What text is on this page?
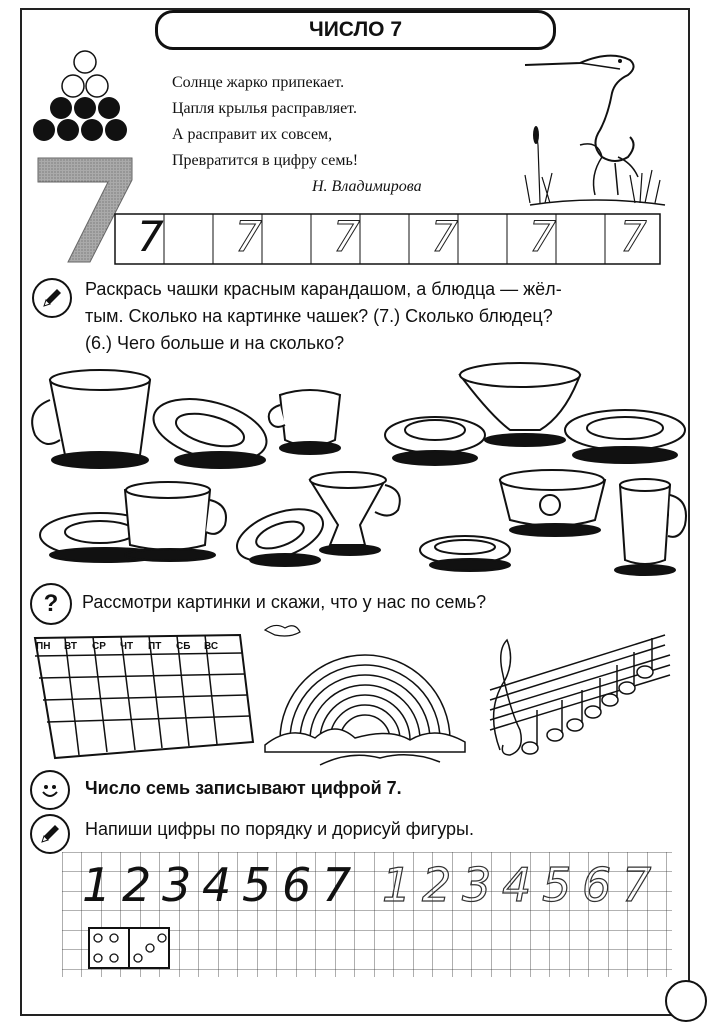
ЧИСЛО 7
Солнце жарко припекает.
Цапля крылья расправляет.
А расправит их совсем,
Превратится в цифру семь!
Н. Владимирова
7 7 7 7 7 7
Раскрась чашки красным карандашом, а блюдца — жёл-
тым. Сколько на картинке чашек? (7.) Сколько блюдец?
(6.) Чего больше и на сколько?
?	Рассмотри картинки и скажи, что у нас по семь?
ПН	ВТ	СР	ЧТ	ПТ	СБ	ВС
Число семь записывают цифрой 7.
Напиши цифры по порядку и дорисуй фигуры.
1 2 3 4 5 6 7 1 2 3 4 5 6 7
